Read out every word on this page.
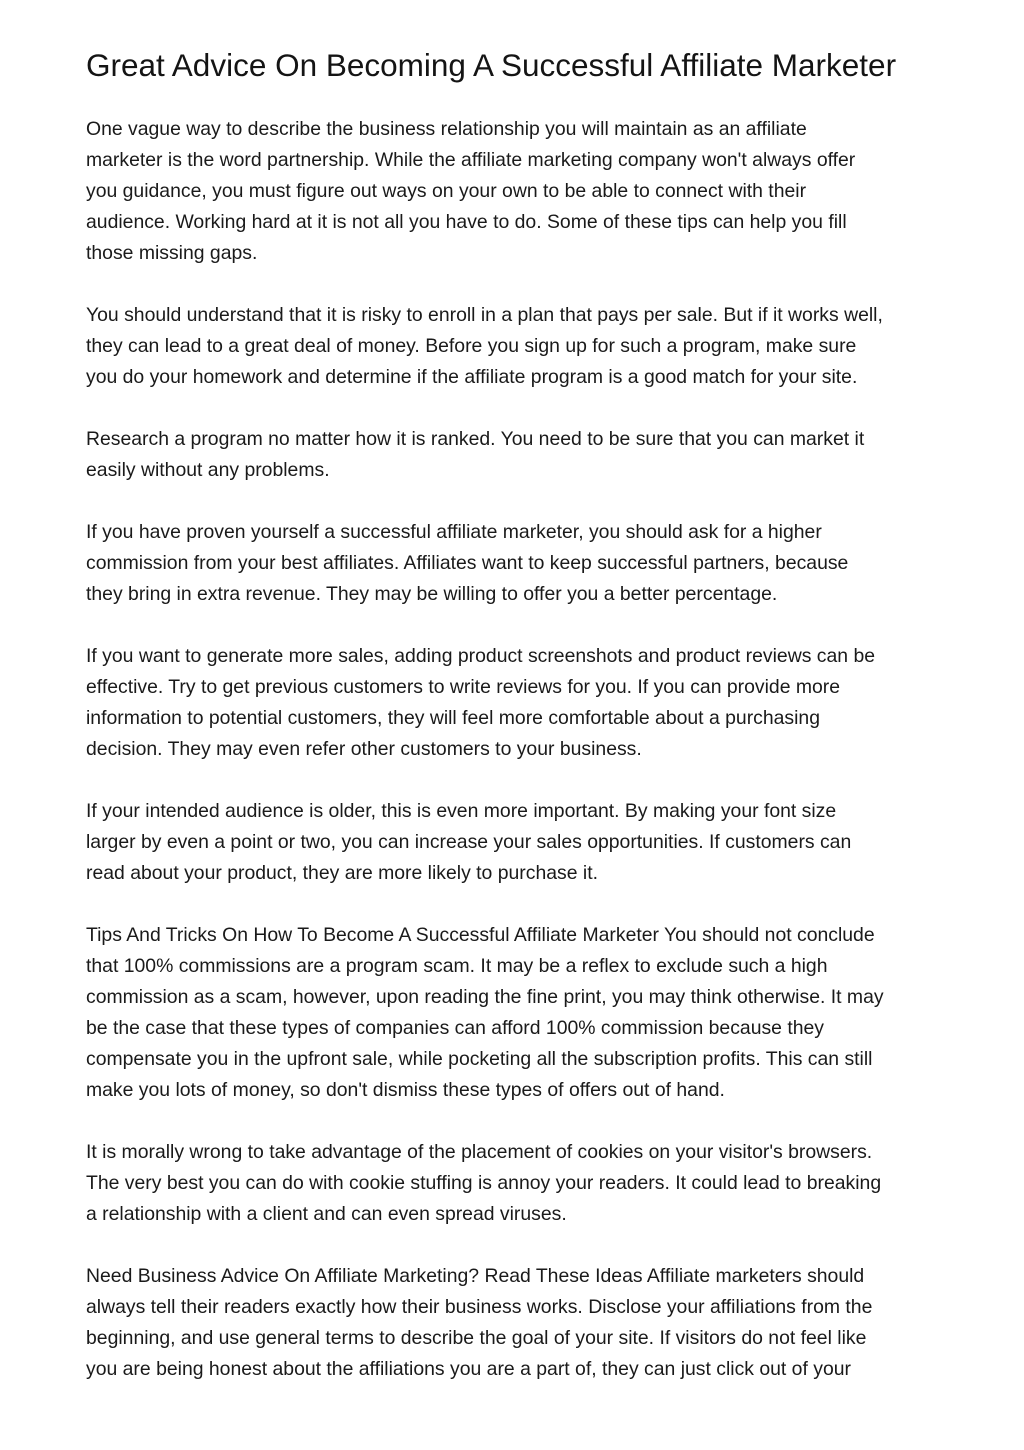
Great Advice On Becoming A Successful Affiliate Marketer

One vague way to describe the business relationship you will maintain as an affiliate
marketer is the word partnership. While the affiliate marketing company won't always offer
you guidance, you must figure out ways on your own to be able to connect with their
audience. Working hard at it is not all you have to do. Some of these tips can help you fill
those missing gaps.

You should understand that it is risky to enroll in a plan that pays per sale. But if it works well,
they can lead to a great deal of money. Before you sign up for such a program, make sure
you do your homework and determine if the affiliate program is a good match for your site.

Research a program no matter how it is ranked. You need to be sure that you can market it
easily without any problems.

If you have proven yourself a successful affiliate marketer, you should ask for a higher
commission from your best affiliates. Affiliates want to keep successful partners, because
they bring in extra revenue. They may be willing to offer you a better percentage.

If you want to generate more sales, adding product screenshots and product reviews can be
effective. Try to get previous customers to write reviews for you. If you can provide more
information to potential customers, they will feel more comfortable about a purchasing
decision. They may even refer other customers to your business.

If your intended audience is older, this is even more important. By making your font size
larger by even a point or two, you can increase your sales opportunities. If customers can
read about your product, they are more likely to purchase it.

Tips And Tricks On How To Become A Successful Affiliate Marketer You should not conclude
that 100% commissions are a program scam. It may be a reflex to exclude such a high
commission as a scam, however, upon reading the fine print, you may think otherwise. It may
be the case that these types of companies can afford 100% commission because they
compensate you in the upfront sale, while pocketing all the subscription profits. This can still
make you lots of money, so don't dismiss these types of offers out of hand.

It is morally wrong to take advantage of the placement of cookies on your visitor's browsers.
The very best you can do with cookie stuffing is annoy your readers. It could lead to breaking
a relationship with a client and can even spread viruses.

Need Business Advice On Affiliate Marketing? Read These Ideas Affiliate marketers should
always tell their readers exactly how their business works. Disclose your affiliations from the
beginning, and use general terms to describe the goal of your site. If visitors do not feel like
you are being honest about the affiliations you are a part of, they can just click out of your
